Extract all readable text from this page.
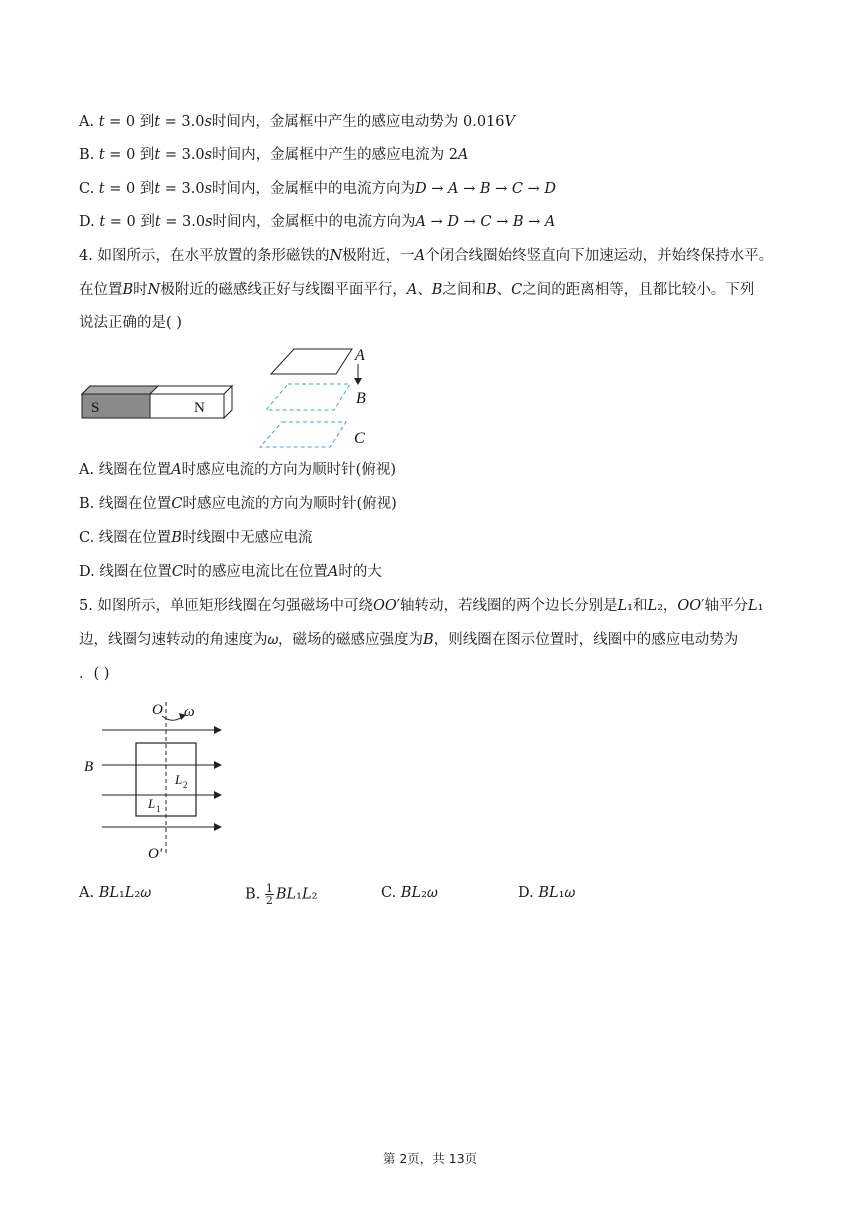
A. 𝑡 = 0 到𝑡 = 3.0𝑠时间内，金属框中产生的感应电动势为 0.016𝑉
B. 𝑡 = 0 到𝑡 = 3.0𝑠时间内，金属框中产生的感应电流为 2𝐴
C. 𝑡 = 0 到𝑡 = 3.0𝑠时间内，金属框中的电流方向为𝐷 → 𝐴 → 𝐵 → 𝐶 → 𝐷
D. 𝑡 = 0 到𝑡 = 3.0𝑠时间内，金属框中的电流方向为𝐴 → 𝐷 → 𝐶 → 𝐵 → 𝐴
4. 如图所示，在水平放置的条形磁铁的𝑁极附近，一𝐴个闭合线圈始终竖直向下加速运动，并始终保持水平。
在位置𝐵时𝑁极附近的磁感线正好与线圈平面平行，𝐴、𝐵之间和𝐵、𝐶之间的距离相等，且都比较小。下列
说法正确的是( )
S	N
A
B
C
A. 线圈在位置𝐴时感应电流的方向为顺时针(俯视)
B. 线圈在位置𝐶时感应电流的方向为顺时针(俯视)
C. 线圈在位置𝐵时线圈中无感应电流
D. 线圈在位置𝐶时的感应电流比在位置𝐴时的大
5. 如图所示，单匝矩形线圈在匀强磁场中可绕𝑂𝑂′轴转动，若线圈的两个边长分别是𝐿₁和𝐿₂，𝑂𝑂′轴平分𝐿₁
边，线圈匀速转动的角速度为𝜔，磁场的磁感应强度为𝐵，则线圈在图示位置时，线圈中的感应电动势为
．( )
O ω
B
L 2
L 1
O′
A. 𝐵𝐿₁𝐿₂𝜔	B. $\frac{1}{2}$ 𝐵𝐿₁𝐿₂	C. 𝐵𝐿₂𝜔	D. 𝐵𝐿₁𝜔
第 2页，共 13页
